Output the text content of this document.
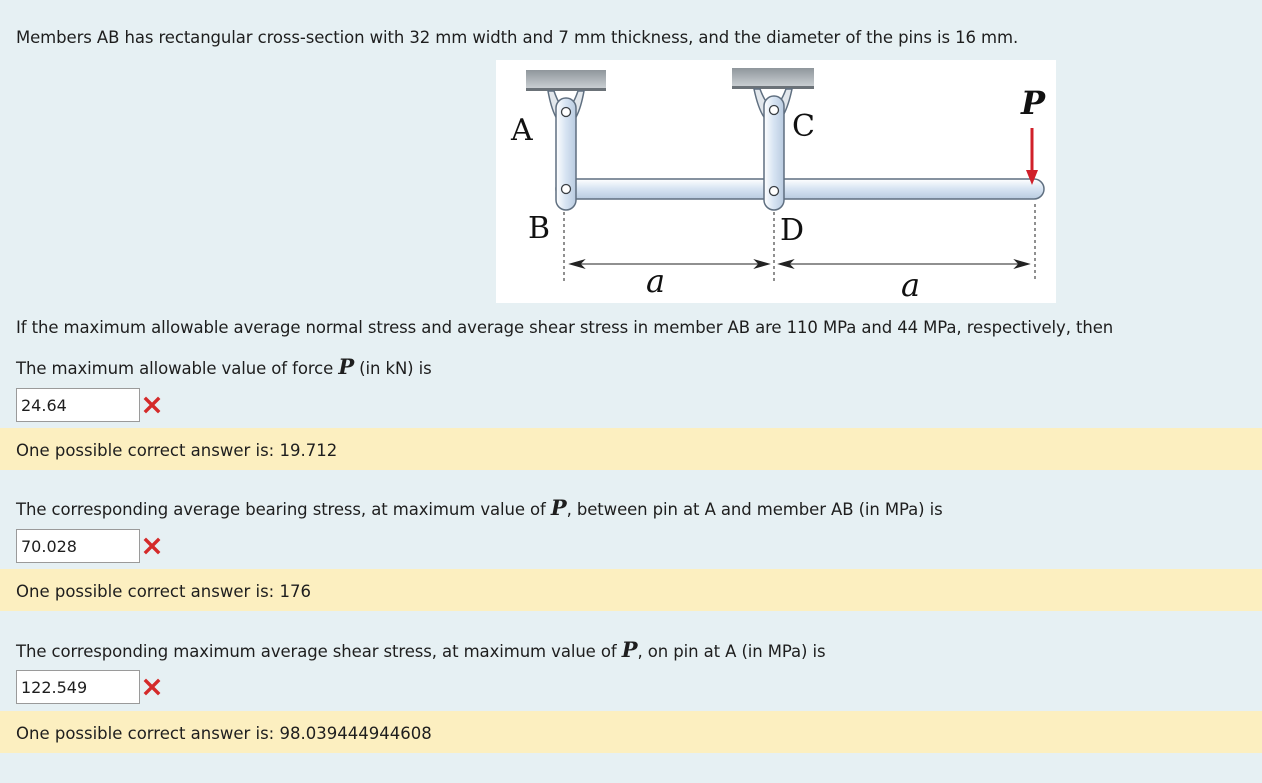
Members AB has rectangular cross-section with 32 mm width and 7 mm thickness, and the diameter of the pins is 16 mm.
A
B
C
D
P
a	a
If the maximum allowable average normal stress and average shear stress in member AB are 110 MPa and 44 MPa, respectively, then
The maximum allowable value of force P (in kN) is
24.64
One possible correct answer is: 19.712
The corresponding average bearing stress, at maximum value of P, between pin at A and member AB (in MPa) is
70.028
One possible correct answer is: 176
The corresponding maximum average shear stress, at maximum value of P, on pin at A (in MPa) is
122.549
One possible correct answer is: 98.039444944608
